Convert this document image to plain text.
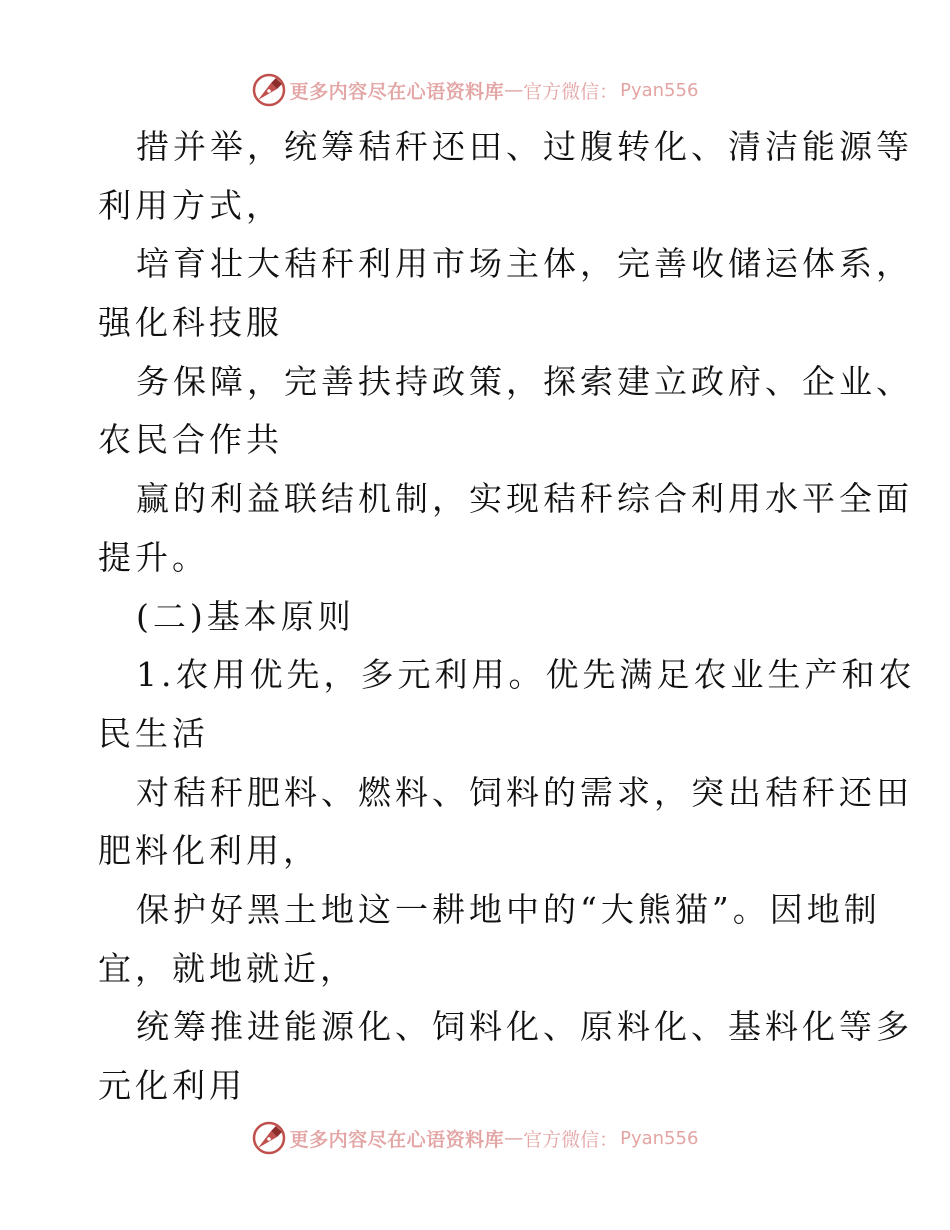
更多内容尽在心语资料库 — 官方微信： Pyan556
措并举，统筹秸秆还田、过腹转化、清洁能源等
利用方式，
培育壮大秸秆利用市场主体，完善收储运体系，
强化科技服
务保障，完善扶持政策，探索建立政府、企业、
农民合作共
赢的利益联结机制，实现秸秆综合利用水平全面
提升。
(二)基本原则
1.农用优先，多元利用。优先满足农业生产和农
民生活
对秸秆肥料、燃料、饲料的需求，突出秸秆还田
肥料化利用，
保护好黑土地这一耕地中的“大熊猫”。因地制
宜，就地就近，
统筹推进能源化、饲料化、原料化、基料化等多
元化利用
更多内容尽在心语资料库 — 官方微信： Pyan556
